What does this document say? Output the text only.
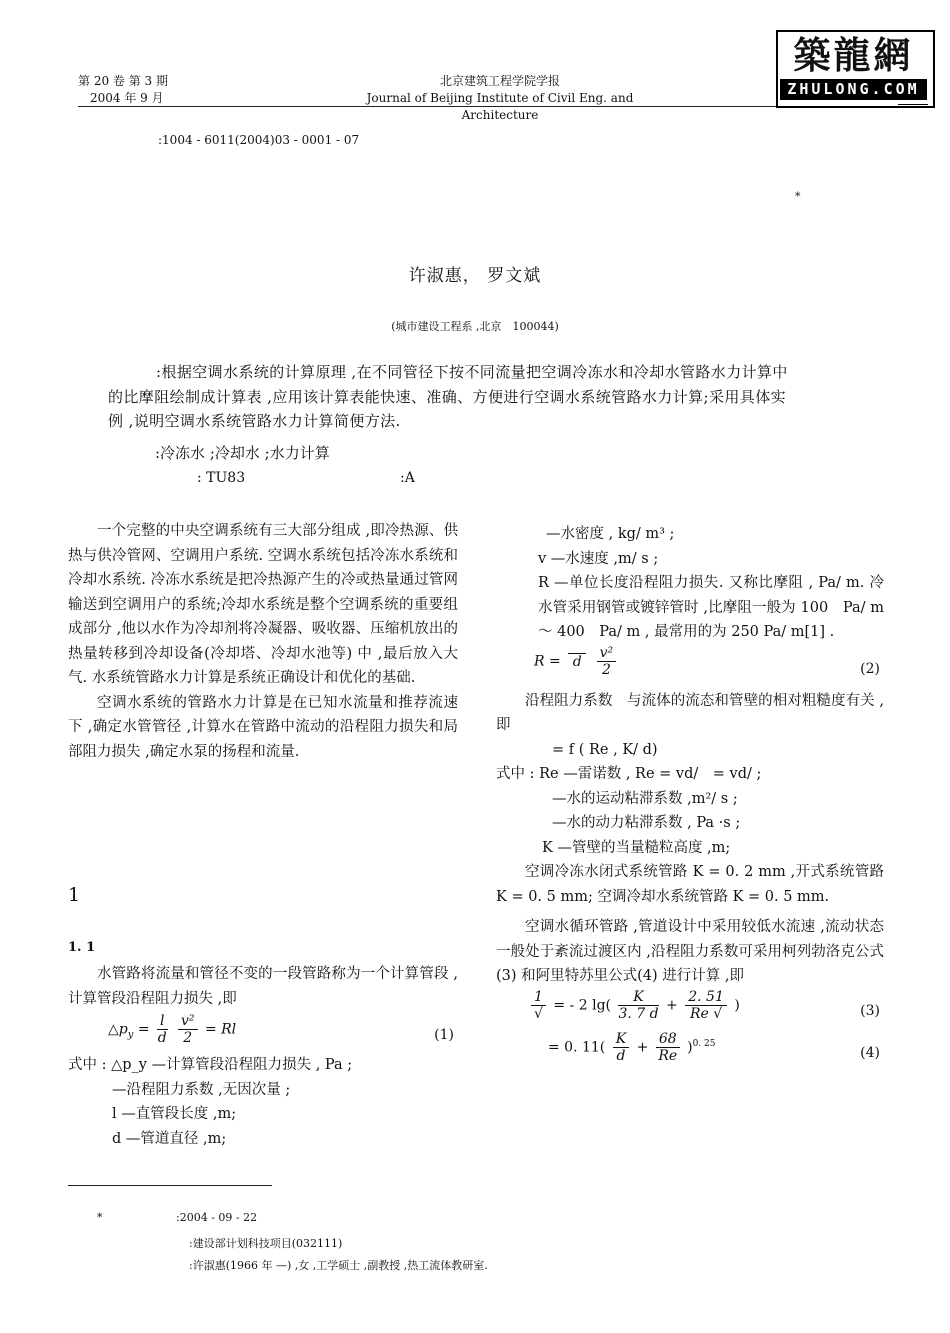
第 20 卷 第 3 期
2004 年 9 月
北京建筑工程学院学报
Journal of Beijing Institute of Civil Eng. and Architecture
築龍網
ZHULONG.COM
:1004 - 6011(2004)03 - 0001 - 07
*
许淑惠， 罗文斌
(城市建设工程系 ,北京　100044)

:根据空调水系统的计算原理 ,在不同管径下按不同流量把空调冷冻水和冷却水管路水力计算中

的比摩阻绘制成计算表 ,应用该计算表能快速、准确、方便进行空调水系统管路水力计算;采用具体实

例 ,说明空调水系统管路水力计算简便方法.

:冷冻水 ;冷却水 ;水力计算
: TU83	:A

一个完整的中央空调系统有三大部分组成 ,即冷热源、供热与供冷管网、空调用户系统. 空调水系统包括冷冻水系统和冷却水系统. 冷冻水系统是把冷热源产生的冷或热量通过管网输送到空调用户的系统;冷却水系统是整个空调系统的重要组成部分 ,他以水作为冷却剂将冷凝器、吸收器、压缩机放出的热量转移到冷却设备(冷却塔、冷却水池等) 中 ,最后放入大气. 水系统管路水力计算是系统正确设计和优化的基础.

空调水系统的管路水力计算是在已知水流量和推荐流速下 ,确定水管管径 ,计算水在管路中流动的沿程阻力损失和局部阻力损失 ,确定水泵的扬程和流量.

1
1. 1

水管路将流量和管径不变的一段管路称为一个计算管段 ,计算管段沿程阻力损失 ,即

$\triangle p_y = \frac{l}{d}$
$\frac{\text{v²}}{2} = Rl$	(1)

式中 : △p_y —计算管段沿程阻力损失 , Pa ;

—沿程阻力系数 ,无因次量 ;

l —直管段长度 ,m;

d —管道直径 ,m;

—水密度 , kg/ m³ ;

v —水速度 ,m/ s ;

R —单位长度沿程阻力损失. 又称比摩阻 , Pa/ m. 冷水管采用钢管或镀锌管时 ,比摩阻一般为 100　Pa/ m ～ 400　Pa/ m , 最常用的为 250 Pa/ m[1] .

R = d
	$\frac{\text{v²}}{2}$	(2)

沿程阻力系数　与流体的流态和管壁的相对粗糙度有关 ,即

= f ( Re , K/ d)

式中 : Re —雷诺数 , Re = vd/　= vd/ ;

—水的运动粘滞系数 ,m²/ s ;

—水的动力粘滞系数 , Pa ·s ;

K —管壁的当量糙粒高度 ,m;

空调冷冻水闭式系统管路 K = 0. 2 mm ,开式系统管路 K = 0. 5 mm; 空调冷却水系统管路 K = 0. 5 mm.

空调水循环管路 ,管道设计中采用较低水流速 ,流动状态一般处于紊流过渡区内 ,沿程阻力系数可采用柯列勃洛克公式(3) 和阿里特苏里公式(4) 进行计算 ,即

$\frac{1}{√}$ = - 2 $\lg( \frac{K}{3. 7 d} + \frac{2. 51}{Re √}$ )	(3)
= 0. $11( \frac{K}{d} + \frac{68}{Re} )^{0. 25}$
(4)
*	:2004 - 09 - 22
:建设部计划科技项目(032111)
:许淑惠(1966 年 —) ,女 ,工学硕士 ,副教授 ,热工流体教研室.
